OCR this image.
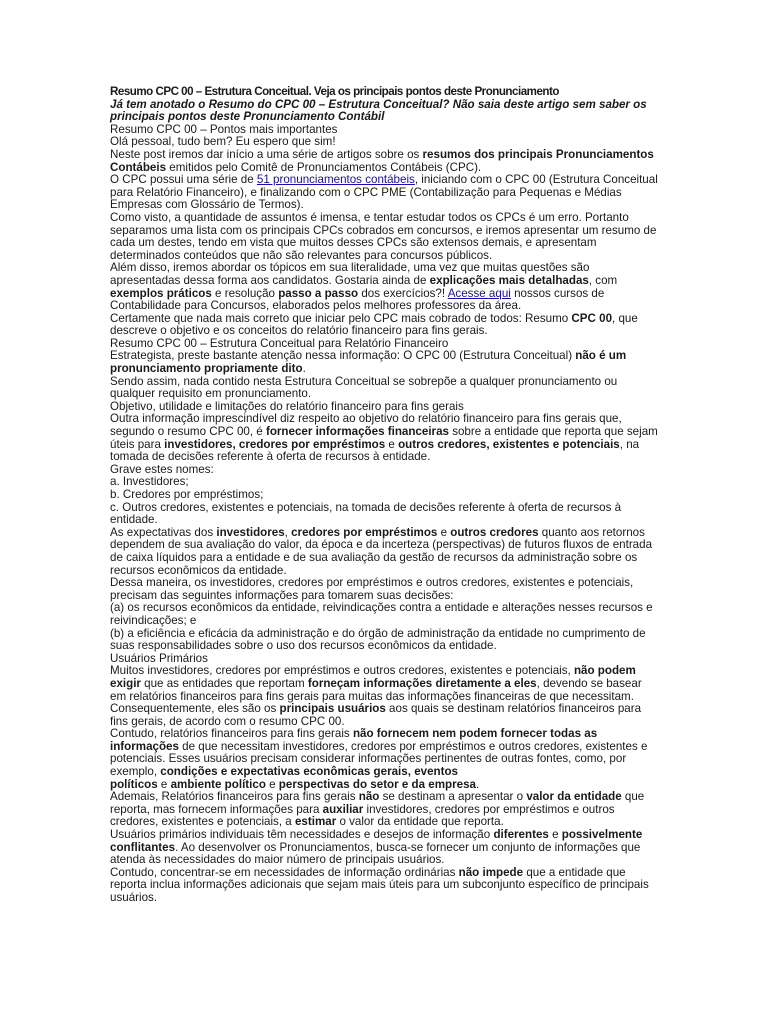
Resumo CPC 00 – Estrutura Conceitual. Veja os principais pontos deste Pronunciamento

Já tem anotado o Resumo do CPC 00 – Estrutura Conceitual? Não saia deste artigo sem saber os principais pontos deste Pronunciamento Contábil

Resumo CPC 00 – Pontos mais importantes

Olá pessoal, tudo bem? Eu espero que sim!

Neste post iremos dar início a uma série de artigos sobre os resumos dos principais Pronunciamentos Contábeis emitidos pelo Comitê de Pronunciamentos Contábeis (CPC).

O CPC possui uma série de 51 pronunciamentos contábeis, iniciando com o CPC 00 (Estrutura Conceitual para Relatório Financeiro), e finalizando com o CPC PME (Contabilização para Pequenas e Médias Empresas com Glossário de Termos).

Como visto, a quantidade de assuntos é imensa, e tentar estudar todos os CPCs é um erro. Portanto separamos uma lista com os principais CPCs cobrados em concursos, e iremos apresentar um resumo de cada um destes, tendo em vista que muitos desses CPCs são extensos demais, e apresentam determinados conteúdos que não são relevantes para concursos públicos.

Além disso, iremos abordar os tópicos em sua literalidade, uma vez que muitas questões são apresentadas dessa forma aos candidatos. Gostaria ainda de explicações mais detalhadas, com exemplos práticos e resolução passo a passo dos exercícios?! Acesse aqui nossos cursos de Contabilidade para Concursos, elaborados pelos melhores professores da área.

Certamente que nada mais correto que iniciar pelo CPC mais cobrado de todos: Resumo CPC 00, que descreve o objetivo e os conceitos do relatório financeiro para fins gerais.

Resumo CPC 00 – Estrutura Conceitual para Relatório Financeiro

Estrategista, preste bastante atenção nessa informação: O CPC 00 (Estrutura Conceitual) não é um pronunciamento propriamente dito.

Sendo assim, nada contido nesta Estrutura Conceitual se sobrepõe a qualquer pronunciamento ou qualquer requisito em pronunciamento.

Objetivo, utilidade e limitações do relatório financeiro para fins gerais

Outra informação imprescindível diz respeito ao objetivo do relatório financeiro para fins gerais que, segundo o resumo CPC 00, é fornecer informações financeiras sobre a entidade que reporta que sejam úteis para investidores, credores por empréstimos e outros credores, existentes e potenciais, na tomada de decisões referente à oferta de recursos à entidade.

Grave estes nomes:

a. Investidores;

b. Credores por empréstimos;

c. Outros credores, existentes e potenciais, na tomada de decisões referente à oferta de recursos à entidade.

As expectativas dos investidores, credores por empréstimos e outros credores quanto aos retornos dependem de sua avaliação do valor, da época e da incerteza (perspectivas) de futuros fluxos de entrada de caixa líquidos para a entidade e de sua avaliação da gestão de recursos da administração sobre os recursos econômicos da entidade.

Dessa maneira, os investidores, credores por empréstimos e outros credores, existentes e potenciais, precisam das seguintes informações para tomarem suas decisões:

(a) os recursos econômicos da entidade, reivindicações contra a entidade e alterações nesses recursos e reivindicações; e

(b) a eficiência e eficácia da administração e do órgão de administração da entidade no cumprimento de suas responsabilidades sobre o uso dos recursos econômicos da entidade.

Usuários Primários

Muitos investidores, credores por empréstimos e outros credores, existentes e potenciais, não podem exigir que as entidades que reportam forneçam informações diretamente a eles, devendo se basear em relatórios financeiros para fins gerais para muitas das informações financeiras de que necessitam.

Consequentemente, eles são os principais usuários aos quais se destinam relatórios financeiros para fins gerais, de acordo com o resumo CPC 00.

Contudo, relatórios financeiros para fins gerais não fornecem nem podem fornecer todas as informações de que necessitam investidores, credores por empréstimos e outros credores, existentes e potenciais. Esses usuários precisam considerar informações pertinentes de outras fontes, como, por exemplo, condições e expectativas econômicas gerais, eventos
políticos e ambiente político e perspectivas do setor e da empresa.

Ademais, Relatórios financeiros para fins gerais não se destinam a apresentar o valor da entidade que reporta, mas fornecem informações para auxiliar investidores, credores por empréstimos e outros credores, existentes e potenciais, a estimar o valor da entidade que reporta.

Usuários primários individuais têm necessidades e desejos de informação diferentes e possivelmente conflitantes. Ao desenvolver os Pronunciamentos, busca-se fornecer um conjunto de informações que atenda às necessidades do maior número de principais usuários.

Contudo, concentrar-se em necessidades de informação ordinárias não impede que a entidade que reporta inclua informações adicionais que sejam mais úteis para um subconjunto específico de principais usuários.
